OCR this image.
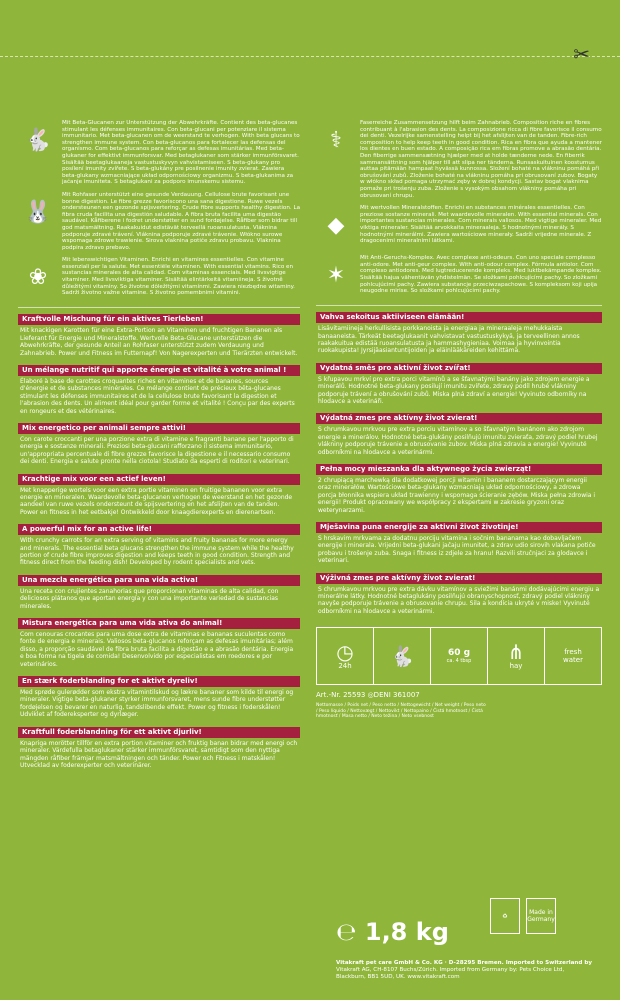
✂
🐇
Mit Beta-Glucanen zur Unterstützung der Abwehrkräfte. Contient des beta-glucanes stimulant les défenses immunitaires. Con beta-glucani per potenziare il sistema immunitario. Met beta-glucanen om de weerstand te verhogen. With beta glucans to strengthen immune system. Con beta-glucanos para fortalecer las defensas del organismo. Com beta-glucanos para reforçar as defesas imunitárias. Med beta-glukaner for effektivt immunforsvar. Med betaglukaner som stärker immunförsvaret. Sisältää beetaglukaaneja vastustuskyvyn vahvistamiseen. S beta-glukany pro posílení imunity zvířete. S beta-glukány pre posilnenie imunity zvierat. Zawiera beta-glukany wzmacniające układ odpornościowy organizmu. S beta-glukanima za jačanje imuniteta. S betaglukani za podporo imunskemu sistemu.
🐰
Mit Rohfaser unterstützt eine gesunde Verdauung. Cellulose brute favorisant une bonne digestion. Le fibre grezze favoriscono una sana digestione. Ruwe vezels ondersteunen een gezonde spijsvertering. Crude fibre supports healthy digestion. La fibra cruda facilita una digestión saludable. A fibra bruta facilita uma digestão saudável. Kåfiberene i fodret understøtter en sund fordøjelse. Råfiber som bidrar till god matsmältning. Raakakuidut edistävät terveellä ruoansulatusta. Vláknina podporuje zdravé trávení. Vláknina podporuje zdravé trávenie. Włókno surowe wspomaga zdrowe trawienie. Sirova vlaknina potiče zdravu probavu. Vlaknina podpira zdravo prebavo.
❀
Mit lebenswichtigen Vitaminen. Enrichi en vitamines essentielles. Con vitamine essenziali per la salute. Met essentiële vitaminen. With essential vitamins. Rico en sustancias minerales de alta calidad. Com vitaminas essenciais. Med livsvigtige vitaminer. Med livsviktiga vitaminer. Sisältää elintärkeitä vitamiineja. S životně důležitými vitamíny. So životne dôležitými vitamínmi. Zawiera niezbędne witaminy. Sadrži životno važne vitamine. S životno pomembnimi vitamini.
Kraftvolle Mischung für ein aktives Tierleben!
Mit knackigen Karotten für eine Extra-Portion an Vitaminen und fruchtigen Bananen als Lieferant für Energie und Mineralstoffe. Wertvolle Beta-Glucane unterstützen die Abwehrkräfte, der gesunde Anteil an Rohfaser unterstützt zudem Verdauung und Zahnabrieb. Power und Fitness im Futternapf! Von Nagerexperten und Tierärzten entwickelt.
Un mélange nutritif qui apporte énergie et vitalité à votre animal !
Élaboré à base de carottes croquantes riches en vitamines et de bananes, sources d'énergie et de substances minérales. Ce mélange contient de précieux bêta-glucanes stimulant les défenses immunitaires et de la cellulose brute favorisant la digestion et l'abrasion des dents. Un aliment idéal pour garder forme et vitalité ! Conçu par des experts en rongeurs et des vétérinaires.
Mix energetico per animali sempre attivi!
Con carote croccanti per una porzione extra di vitamine e fragranti banane per l'apporto di energia e sostanze minerali. Preziosi beta-glucani rafforzano il sistema immunitario, un'appropriata percentuale di fibre grezze favorisce la digestione e il necessario consumo dei denti. Energia e salute pronte nella ciotola! Studiato da esperti di roditori e veterinari.
Krachtige mix voor een actief leven!
Met knapperige wortels voor een extra portie vitaminen en fruitige bananen voor extra energie en mineralen. Waardevolle beta-glucanen verhogen de weerstand en het gezonde aandeel van ruwe vezels ondersteunt de spijsvertering en het afslijten van de tanden. Power en fitness in het eetbakje! Ontwikkeld door knaagdierexperts en dierenartsen.
A powerful mix for an active life!
With crunchy carrots for an extra serving of vitamins and fruity bananas for more energy and minerals. The essential beta glucans strengthen the immune system while the healthy portion of crude fibre improves digestion and keeps teeth in good condition. Strength and fitness direct from the feeding dish! Developed by rodent specialists and vets.
Una mezcla energética para una vida activa!
Una receta con crujientes zanahorias que proporcionan vitaminas de alta calidad, con deliciosos plátanos que aportan energía y con una importante variedad de sustancias minerales.
Mistura energética para uma vida ativa do animal!
Com cenouras crocantes para uma dose extra de vitaminas e bananas suculentas como fonte de energia e minerais. Valiosos beta-glucanos reforçam as defesas imunitárias; além disso, a proporção saudável de fibra bruta facilita a digestão e a abrasão dentária. Energia e boa forma na tigela de comida! Desenvolvido por especialistas em roedores e por veterinários.
En stærk foderblanding for et aktivt dyreliv!
Med sprøde gulerødder som ekstra vitamintilskud og lækre bananer som kilde til energi og mineraler. Vigtige beta-glukaner styrker immunforsvaret, mens sunde fibre understøtter fordøjelsen og bevarer en naturlig, tandslibende effekt. Power og fitness i foderskålen! Udviklet af fodereksperter og dyrlæger.
Kraftfull foderblandning för ett aktivt djurliv!
Knapriga morötter tillför en extra portion vitaminer och fruktig banan bidrar med energi och mineraler. Värdefulla betaglukaner stärker immunförsvaret, samtidigt som den nyttiga mängden råfiber främjar matsmältningen och tänder. Power och Fitness i matskålen! Utvecklad av foderexperter och veterinärer.
⚕
Faserreiche Zusammensetzung hilft beim Zahnabrieb. Composition riche en fibres contribuant à l'abrasion des dents. La composizione ricca di fibre favorisce il consumo dei denti. Vezelrijke samenstelling helpt bij het afslijten van de tanden. Fibre-rich composition to help keep teeth in good condition. Rica en fibra que ayuda a mantener los dientes en buen estado. A composição rica em fibras promove a abrasão dentária. Den fiberrige sammensætning hjælper med at holde tænderne nede. En fiberrik sammansättning som hjälper till att slipa ner tänderna. Runsaskuituinen koostumus auttaa pitämään hampaat hyvässä kunnossa. Složení bohaté na vlákninu pomáhá při obrušování zubů. Zloženie bohaté na vlákninu pomáha pri obrusovaní zubov. Bogaty w włókno skład pomaga utrzymać zęby w dobrej kondycji. Sastav bogat vlaknima pomaže pri trošenju zuba. Zloženie s vysokým obsahom vlákniny pomáha pri obrusovaní chrupu.
◆
Mit wertvollen Mineralstoffen. Enrichi en substances minérales essentielles. Con preziose sostanze minerali. Met waardevolle mineralen. With essential minerals. Con importantes sustancias minerales. Com minerais valiosos. Med vigtige mineraler. Med viktiga mineraler. Sisältää arvokkaita mineraaleja. S hodnotnými minerály. S hodnotnými minerálmi. Zawiera wartościowe minerały. Sadrži vrijedne minerale. Z dragocenimi mineralnimi látkami.
✶
Mit Anti-Geruchs-Komplex. Avec complexe anti-odeurs. Con uno speciale complesso anti-odore. Met anti-geur complex. With anti-odour complex. Fórmula antiolor. Com complexo antiodores. Med lugtreducerende kompleks. Med luktbekämpande komplex. Sisältää hajua vähentävän yhdistelmän. Se složkami pohlcujícími pachy. So zložkami pohlcujúcimi pachy. Zawiera substancje przeciwzapachowe. S kompleksom koji upija neugodne mirise. So složkami pohlcujúcimi pachy.
Vahva sekoitus aktiiviseen elämään!
Lisävitamiineja herkullisista porkkanoista ja energiaa ja mineraaleja mehukkaista banaaneista. Tärkeät beetaglukaanit vahvistavat vastustuskykyä, ja terveellinen annos raakakuitua edistää ruoansulatusta ja hammashygieniaa. Voimaa ja hyvinvointia ruokakupista! Jyrsijäasiantuntijoiden ja eläinlääkäreiden kehittämä.
Vydatná směs pro aktivní život zvířat!
S křupavou mrkví pro extra porci vitamínů a se šťavnatými banány jako zdrojem energie a minerálů. Hodnotné beta-glukany posilují imunitu zvířete, zdravý podíl hrubé vlákniny podporuje trávení a obrušování zubů. Miska plná zdraví a energie! Vyvinuto odborníky na hlodavce a veterináři.
Výdatná zmes pre aktívny život zvierat!
S chrumkavou mrkvou pre extra porciu vitamínov a so šťavnatým banánom ako zdrojom energie a minerálov. Hodnotné beta-glukány posilňujú imunitu zvieraťa, zdravý podiel hrubej vlákniny podporuje trávenie a obrusovanie zubov. Miska plná zdravia a energie! Vyvinuté odborníkmi na hlodavce a veterinármi.
Pełna mocy mieszanka dla aktywnego życia zwierząt!
2 chrupiącą marchewką dla dodatkowej porcji witamin i bananem dostarczającym energii oraz minerałów. Wartościowe beta-glukany wzmacniają układ odpornościowy, a zdrowa porcja błonnika wspiera układ trawienny i wspomaga ścieranie zębów. Miska pełna zdrowia i energii! Produkt opracowany we współpracy z ekspertami w zakresie gryzoni oraz weterynarzami.
Mješavina puna energije za aktivni život životinje!
S hrskavim mrkvama za dodatnu porciju vitamina i sočnim bananama kao dobavljačem energije i minerala. Vrijedni beta-glukani jačaju imunitet, a zdrav udio sirovih vlakana potiče probavu i trošenje zuba. Snaga i fitness iz zdjele za hranu! Razvili stručnjaci za glodavce i veterinari.
Výživná zmes pre aktívny život zvierat!
S chrumkavou mrkvou pre extra dávku vitamínov a sviežimi banánmi dodávajúcimi energiu a minerálne látky. Hodnotné betaglukány posilňujú obranyschopnosť, zdravý podiel vlákniny navyše podporuje trávenie a obrusovanie chrupu. Sila a kondícia ukryté v miske! Vyvinuté odborníkmi na hlodavce a veterinármi.
◷
24h 🐇	60 g
ca. 4 tbsp ⋔
hay
fresh
water
Art.-Nr. 25593 ◎DENI 361007
Nettomasse / Poids net / Peso netto / Nettogewicht / Net weight / Peso neto / Peso líquido / Nettovægt / Nettovikt / Nettopaino / Čistá hmotnost / Čistá hmotnosť / Masa netto / Neto težina / Neto vsebnost
℮ 1,8 kg
♻	Made in Germany
Vitakraft pet care GmbH & Co. KG · D-28295 Bremen. Imported to Switzerland by
Vitakraft AG, CH-8107 Buchs/Zürich. Imported from Germany by: Pets Choice Ltd,
Blackburn, BB1 5UD, UK. www.vitakraft.com
